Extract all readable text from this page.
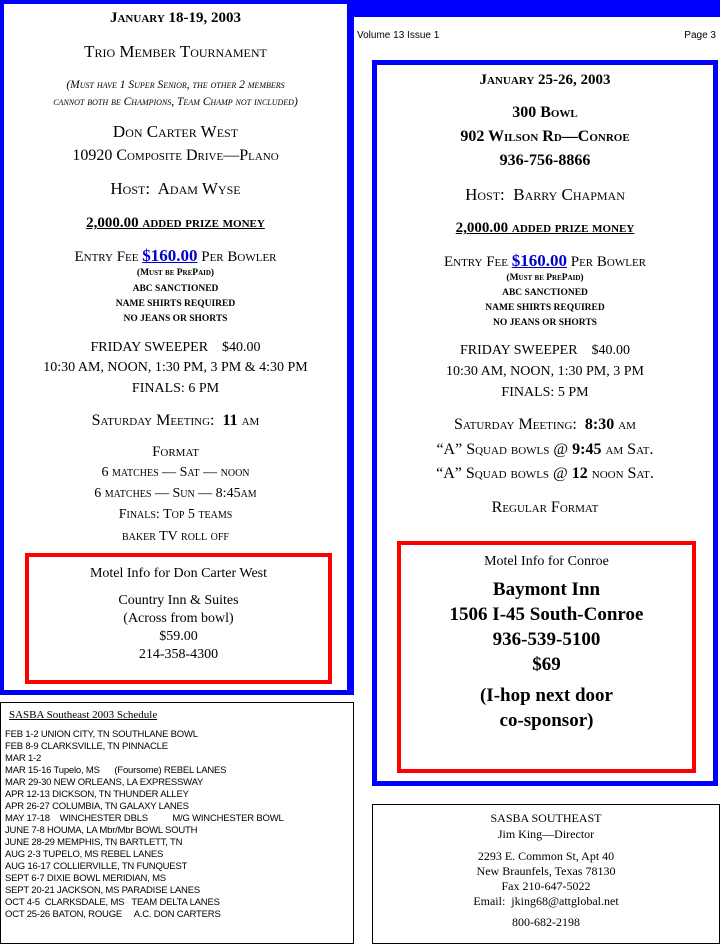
Volume 13 Issue 1	Page 3
January 18-19, 2003
Trio Member Tournament
(Must have 1 Super Senior, the other 2 members
cannot both be Champions, Team Champ not included)
Don Carter West
10920 Composite Drive—Plano
Host: Adam Wyse
2,000.00 added prize money
Entry Fee $160.00 Per Bowler
(Must be PrePaid)
ABC SANCTIONED
NAME SHIRTS REQUIRED
NO JEANS OR SHORTS
FRIDAY SWEEPER    $40.00
10:30 AM, NOON, 1:30 PM, 3 PM & 4:30 PM
FINALS: 6 PM
Saturday Meeting: 11 am
Format
6 matches — Sat — noon
6 matches — Sun — 8:45am
Finals: Top 5 teams
baker TV roll off
Motel Info for Don Carter West
Country Inn & Suites
(Across from bowl)
$59.00
214-358-4300
January 25-26, 2003
300 Bowl
902 Wilson Rd—Conroe
936-756-8866
Host: Barry Chapman
2,000.00 added prize money
Entry Fee $160.00 Per Bowler
(Must be PrePaid)
ABC SANCTIONED
NAME SHIRTS REQUIRED
NO JEANS OR SHORTS
FRIDAY SWEEPER    $40.00
10:30 AM, NOON, 1:30 PM, 3 PM
FINALS: 5 PM
Saturday Meeting: 8:30 am
“A” Squad bowls @ 9:45 am Sat.
“A” Squad bowls @ 12 noon Sat.
Regular Format
Motel Info for Conroe
Baymont Inn
1506 I-45 South-Conroe
936-539-5100
$69
(I-hop next door
co-sponsor)
SASBA Southeast 2003 Schedule
FEB 1-2 UNION CITY, TN SOUTHLANE BOWL
FEB 8-9 CLARKSVILLE, TN PINNACLE
MAR 1-2
MAR 15-16 Tupelo, MS      (Foursome) REBEL LANES
MAR 29-30 NEW ORLEANS, LA EXPRESSWAY
APR 12-13 DICKSON, TN THUNDER ALLEY
APR 26-27 COLUMBIA, TN GALAXY LANES
MAY 17-18    WINCHESTER DBLS          M/G WINCHESTER BOWL
JUNE 7-8 HOUMA, LA Mbr/Mbr BOWL SOUTH
JUNE 28-29 MEMPHIS, TN BARTLETT, TN
AUG 2-3 TUPELO, MS REBEL LANES
AUG 16-17 COLLIERVILLE, TN FUNQUEST
SEPT 6-7 DIXIE BOWL MERIDIAN, MS
SEPT 20-21 JACKSON, MS PARADISE LANES
OCT 4-5  CLARKSDALE, MS   TEAM DELTA LANES
OCT 25-26 BATON, ROUGE     A.C. DON CARTERS
SASBA SOUTHEAST
Jim King—Director
2293 E. Common St, Apt 40
New Braunfels, Texas 78130
Fax 210-647-5022
Email:  jking68@attglobal.net
800-682-2198
